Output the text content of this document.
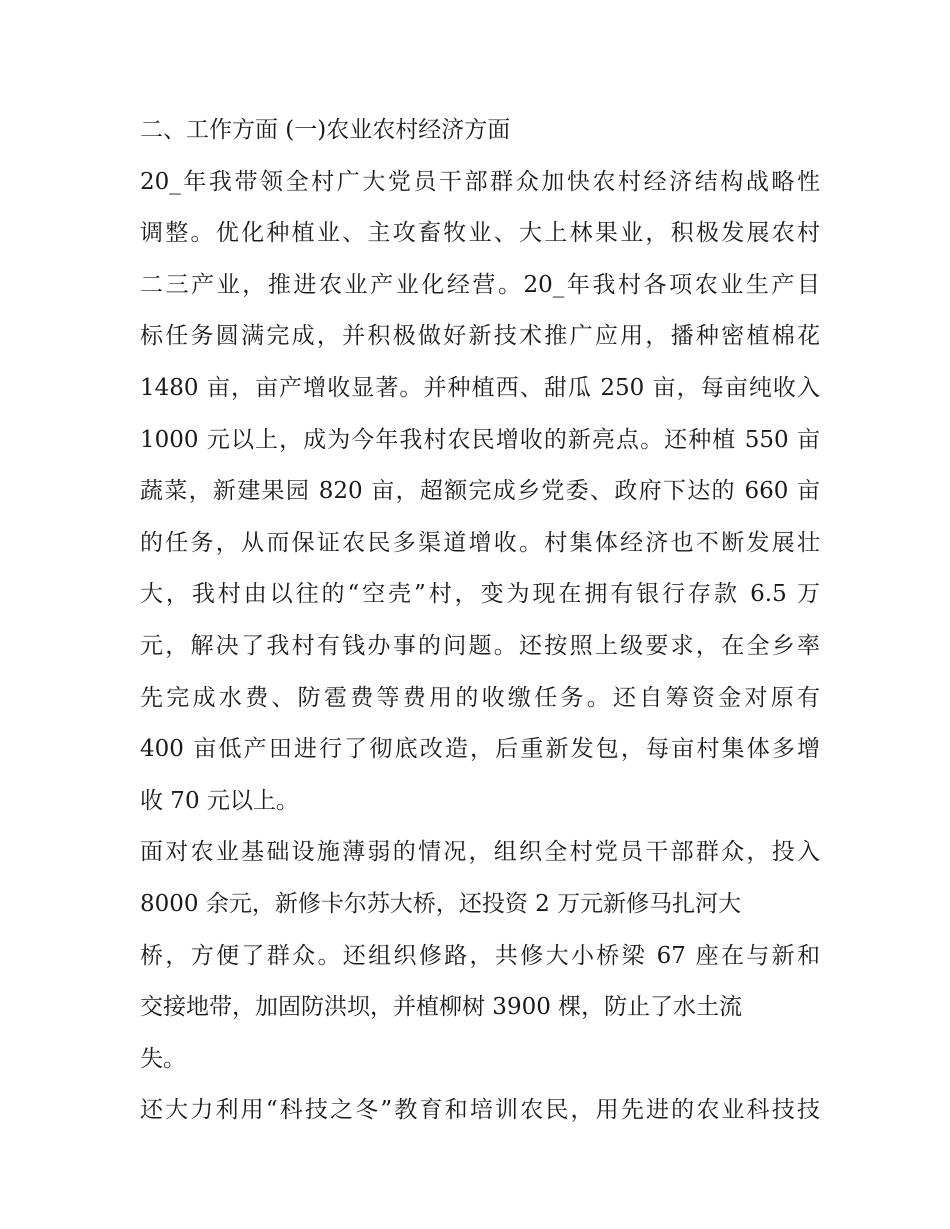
二、工作方面 (一)农业农村经济方面
20_年我带领全村广大党员干部群众加快农村经济结构战略性
调整。优化种植业、主攻畜牧业、大上林果业，积极发展农村
二三产业，推进农业产业化经营。20_年我村各项农业生产目
标任务圆满完成，并积极做好新技术推广应用，播种密植棉花
1480 亩，亩产增收显著。并种植西、甜瓜 250 亩，每亩纯收入
1000 元以上，成为今年我村农民增收的新亮点。还种植 550 亩
蔬菜，新建果园 820 亩，超额完成乡党委、政府下达的 660 亩
的任务，从而保证农民多渠道增收。村集体经济也不断发展壮
大，我村由以往的“空壳”村，变为现在拥有银行存款 6.5 万
元，解决了我村有钱办事的问题。还按照上级要求，在全乡率
先完成水费、防雹费等费用的收缴任务。还自筹资金对原有
400 亩低产田进行了彻底改造，后重新发包，每亩村集体多增
收 70 元以上。
面对农业基础设施薄弱的情况，组织全村党员干部群众，投入
8000 余元，新修卡尔苏大桥，还投资 2 万元新修马扎河大
桥，方便了群众。还组织修路，共修大小桥梁 67 座在与新和
交接地带，加固防洪坝，并植柳树 3900 棵，防止了水土流
失。
还大力利用“科技之冬”教育和培训农民，用先进的农业科技技
